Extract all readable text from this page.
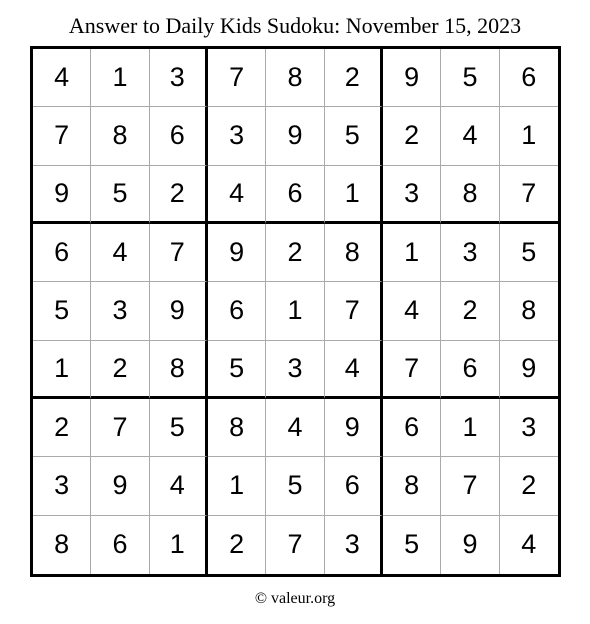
Answer to Daily Kids Sudoku: November 15, 2023
4	1	3	7	8	2	9	5	6
7	8	6	3	9	5	2	4	1
9	5	2	4	6	1	3	8	7
6	4	7	9	2	8	1	3	5
5	3	9	6	1	7	4	2	8
1	2	8	5	3	4	7	6	9
2	7	5	8	4	9	6	1	3
3	9	4	1	5	6	8	7	2
8	6	1	2	7	3	5	9	4
© valeur.org
